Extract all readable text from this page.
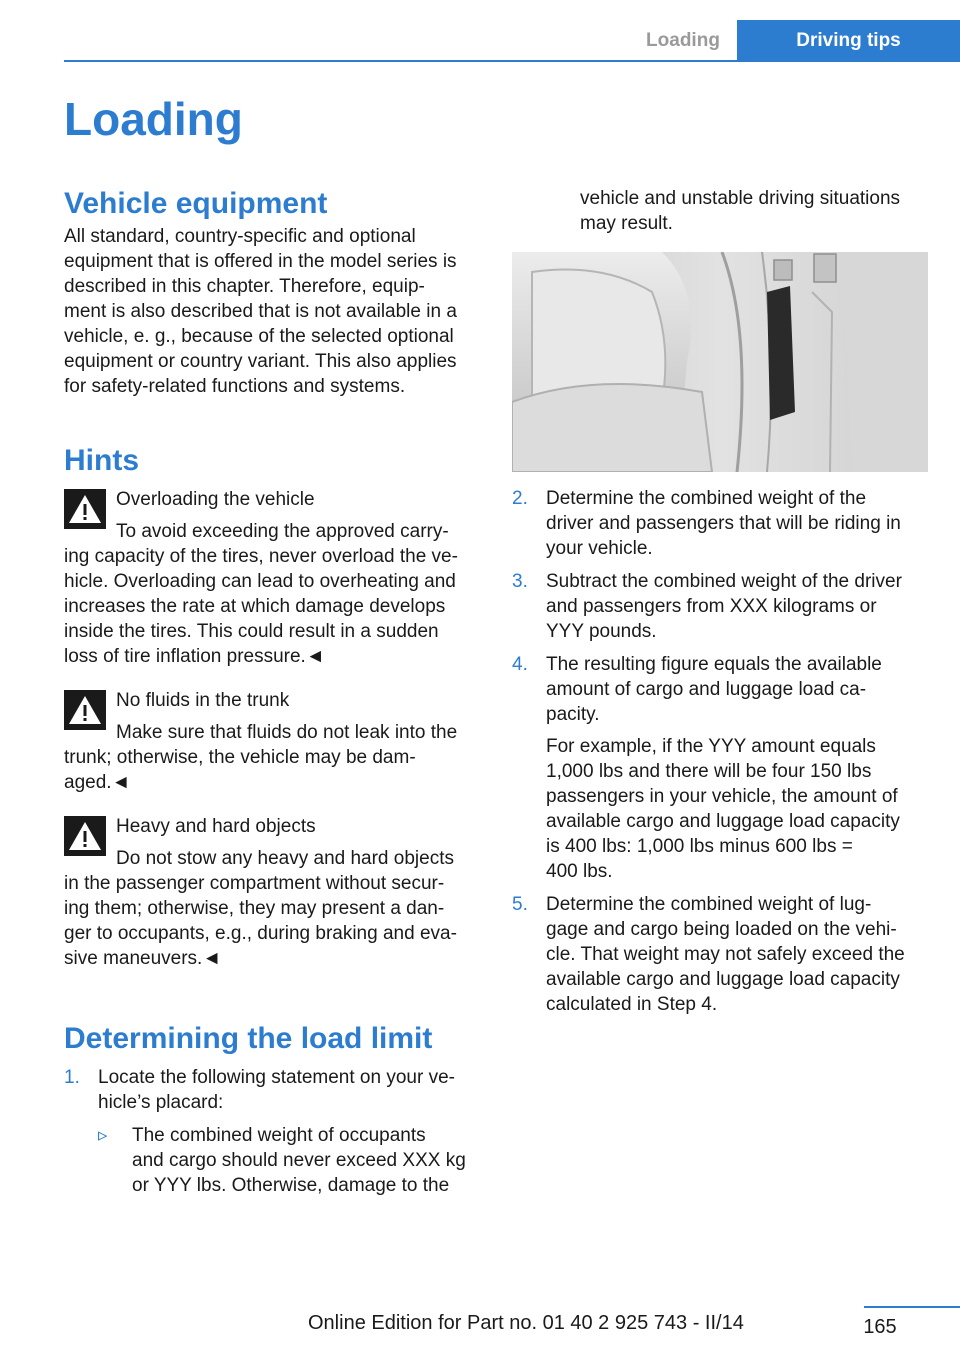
Loading	Driving tips
Loading
Vehicle equipment
All standard, country-specific and optional
equipment that is offered in the model series is
described in this chapter. Therefore, equip-
ment is also described that is not available in a
vehicle, e. g., because of the selected optional
equipment or country variant. This also applies
for safety-related functions and systems.
Hints
Overloading the vehicle
To avoid exceeding the approved carry-
ing capacity of the tires, never overload the ve-
hicle. Overloading can lead to overheating and
increases the rate at which damage develops
inside the tires. This could result in a sudden
loss of tire inflation pressure.◄
No fluids in the trunk
Make sure that fluids do not leak into the
trunk; otherwise, the vehicle may be dam-
aged.◄
Heavy and hard objects
Do not stow any heavy and hard objects
in the passenger compartment without secur-
ing them; otherwise, they may present a dan-
ger to occupants, e.g., during braking and eva-
sive maneuvers.◄
Determining the load limit
1. Locate the following statement on your ve-
hicle’s placard:
▹ The combined weight of occupants
and cargo should never exceed XXX kg
or YYY lbs. Otherwise, damage to the
vehicle and unstable driving situations
may result.
2. Determine the combined weight of the
driver and passengers that will be riding in
your vehicle.
3. Subtract the combined weight of the driver
and passengers from XXX kilograms or
YYY pounds.
4. The resulting figure equals the available
amount of cargo and luggage load ca-
pacity.
For example, if the YYY amount equals
1,000 lbs and there will be four 150 lbs
passengers in your vehicle, the amount of
available cargo and luggage load capacity
is 400 lbs: 1,000 lbs minus 600 lbs =
400 lbs.
5. Determine the combined weight of lug-
gage and cargo being loaded on the vehi-
cle. That weight may not safely exceed the
available cargo and luggage load capacity
calculated in Step 4.
165
Online Edition for Part no. 01 40 2 925 743 - II/14
